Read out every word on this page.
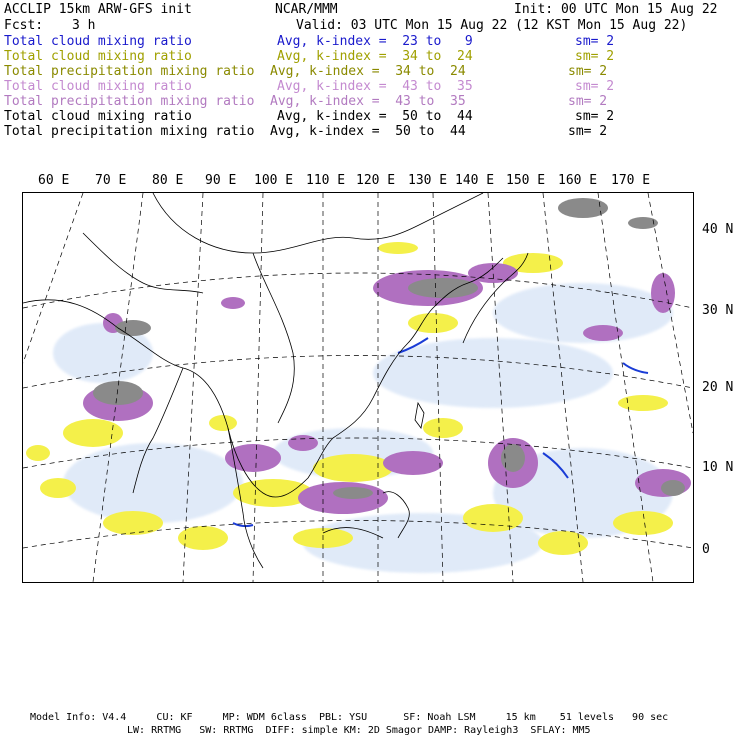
ACCLIP 15km ARW-GFS init	NCAR/MMM	Init: 00 UTC Mon 15 Aug 22
Fcst: 3 h	Valid: 03 UTC Mon 15 Aug 22 (12 KST Mon 15 Aug 22)
Total cloud mixing ratio	Avg, k-index =  23 to   9	sm= 2
Total cloud mixing ratio	Avg, k-index =  34 to  24	sm= 2
Total precipitation mixing ratio Avg, k-index =  34 to  24	sm= 2
Total cloud mixing ratio	Avg, k-index =  43 to  35	sm= 2
Total precipitation mixing ratio Avg, k-index =  43 to  35	sm= 2
Total cloud mixing ratio	Avg, k-index =  50 to  44	sm= 2
Total precipitation mixing ratio Avg, k-index =  50 to  44	sm= 2
60 E 70 E 80 E 90 E 100 E 110 E 120 E 130 E 140 E 150 E 160 E 170 E
40 N
30 N
20 N
10 N
0
Model Info: V4.4     CU: KF     MP: WDM 6class  PBL: YSU      SF: Noah LSM     15 km    51 levels   90 sec
LW: RRTMG   SW: RRTMG  DIFF: simple KM: 2D Smagor DAMP: Rayleigh3  SFLAY: MM5
